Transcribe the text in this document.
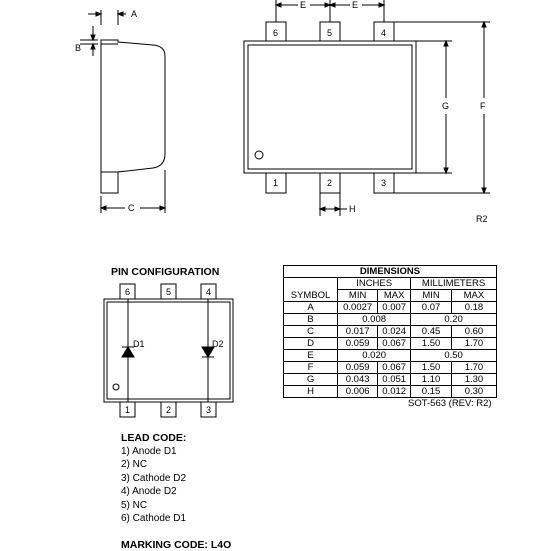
A
B
C
E	E
G	F
H
6	5	4
1	2	3
R2
6	5	4
1	2	3
D1	D2
PIN CONFIGURATION	DIMENSIONS				
	INCHES		MILLIMETERS	
SYMBOL	MIN	MAX	MIN	MAX
A	0.0027	0.007	0.07	0.18
B	0.008		0.20	
C	0.017	0.024	0.45	0.60
D	0.059	0.067	1.50	1.70
E	0.020		0.50	
F	0.059	0.067	1.50	1.70
G	0.043	0.051	1.10	1.30
H	0.006	0.012	0.15	0.30
SOT-563 (REV: R2)
LEAD CODE:
1) Anode D1
2) NC
3) Cathode D2
4) Anode D2
5) NC
6) Cathode D1
MARKING CODE: L4O
